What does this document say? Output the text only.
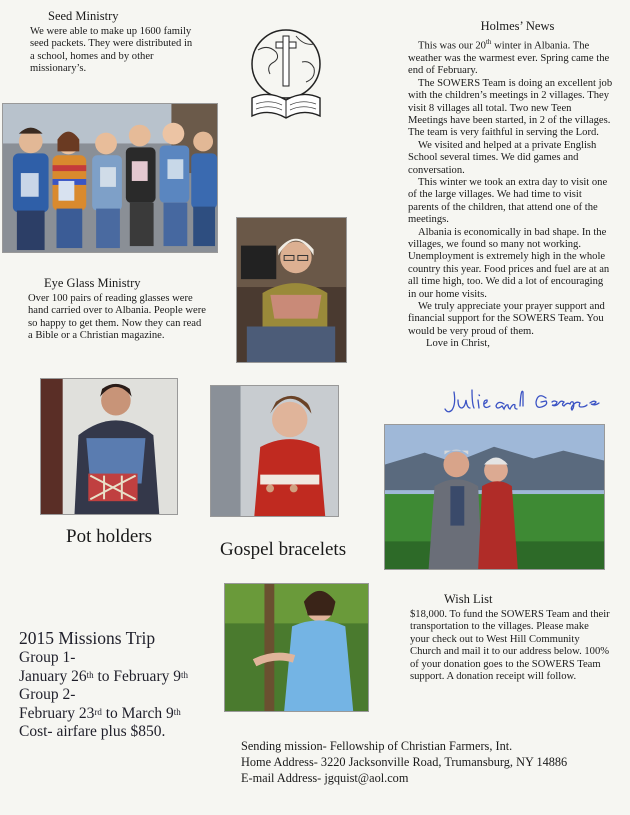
Seed Ministry

We were able to make up 1600 family seed packets. They were distributed in a school, homes and by other missionary’s.

Holmes’ News

This was our 20th winter in Albania. The weather was the warmest ever. Spring came the end of February.

The SOWERS Team is doing an excellent job with the children’s meetings in 2 villages. They visit 8 villages all total. Two new Teen Meetings have been started, in 2 of the villages. The team is very faithful in serving the Lord.

We visited and helped at a private English School several times. We did games and conversation.

This winter we took an extra day to visit one of the large villages. We had time to visit parents of the children, that attend one of the meetings.

Albania is economically in bad shape. In the villages, we found so many not working. Unemployment is extremely high in the whole country this year. Food prices and fuel are at an all time high, too. We did a lot of encouraging in our home visits.

We truly appreciate your prayer support and financial support for the SOWERS Team. You would be very proud of them.

Love in Christ,

Eye Glass Ministry

Over 100 pairs of reading glasses were hand carried over to Albania. People were so happy to get them. Now they can read a Bible or a Christian magazine.

Pot holders
Gospel bracelets
Wish List

$18,000. To fund the SOWERS Team and their transportation to the villages. Please make your check out to West Hill Community Church and mail it to our address below. 100% of your donation goes to the SOWERS Team support. A donation receipt will follow.

2015 Missions Trip
Group 1-
January 26th to February 9th
Group 2-
February 23rd to March 9th
Cost- airfare plus $850.
Sending mission- Fellowship of Christian Farmers, Int.
Home Address- 3220 Jacksonville Road, Trumansburg, NY 14886
E-mail Address- jgquist@aol.com
